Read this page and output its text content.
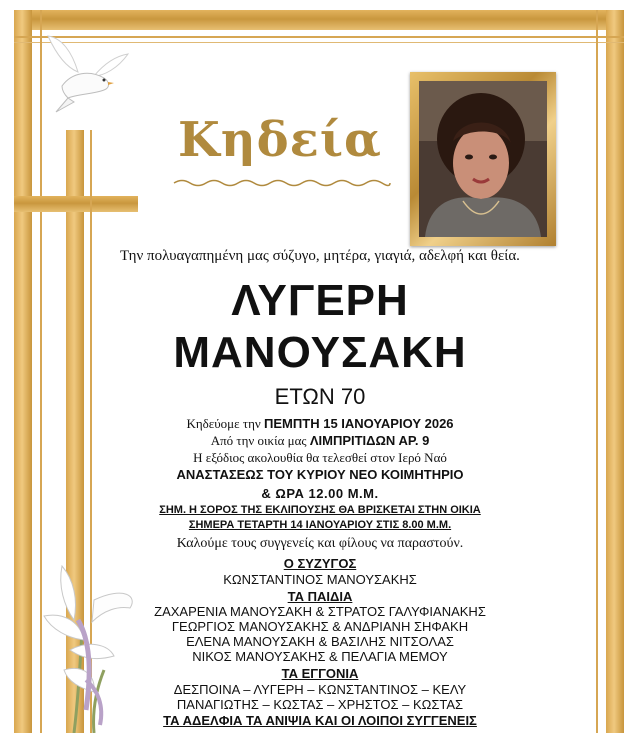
Κηδεία
Την πολυαγαπημένη μας σύζυγο, μητέρα, γιαγιά, αδελφή και θεία.
ΛΥΓΕΡΗ
ΜΑΝΟΥΣΑΚΗ
ΕΤΩΝ 70
Κηδεύομε την ΠΕΜΠΤΗ 15 ΙΑΝΟΥΑΡΙΟΥ 2026
Από την οικία μας ΛΙΜΠΡΙΤΙΔΩΝ ΑΡ. 9
Η εξόδιος ακολουθία θα τελεσθεί στον Ιερό Ναό
ΑΝΑΣΤΑΣΕΩΣ ΤΟΥ ΚΥΡΙΟΥ ΝΕΟ ΚΟΙΜΗΤΗΡΙΟ
& ΩΡΑ 12.00 Μ.Μ.
ΣΗΜ. Η ΣΟΡΟΣ ΤΗΣ ΕΚΛΙΠΟΥΣΗΣ ΘΑ ΒΡΙΣΚΕΤΑΙ ΣΤΗΝ ΟΙΚΙΑ
ΣΗΜΕΡΑ ΤΕΤΑΡΤΗ 14 ΙΑΝΟΥΑΡΙΟΥ ΣΤΙΣ 8.00 Μ.Μ.
Καλούμε τους συγγενείς και φίλους να παραστούν.
Ο ΣΥΖΥΓΟΣ
ΚΩΝΣΤΑΝΤΙΝΟΣ ΜΑΝΟΥΣΑΚΗΣ
ΤΑ ΠΑΙΔΙΑ
ΖΑΧΑΡΕΝΙΑ ΜΑΝΟΥΣΑΚΗ & ΣΤΡΑΤΟΣ ΓΑΛΥΦΙΑΝΑΚΗΣ
ΓΕΩΡΓΙΟΣ ΜΑΝΟΥΣΑΚΗΣ & ΑΝΔΡΙΑΝΗ ΣΗΦΑΚΗ
ΕΛΕΝΑ ΜΑΝΟΥΣΑΚΗ & ΒΑΣΙΛΗΣ ΝΙΤΣΟΛΑΣ
ΝΙΚΟΣ ΜΑΝΟΥΣΑΚΗΣ & ΠΕΛΑΓΙΑ ΜΕΜΟΥ
ΤΑ ΕΓΓΟΝΙΑ
ΔΕΣΠΟΙΝΑ – ΛΥΓΕΡΗ – ΚΩΝΣΤΑΝΤΙΝΟΣ – ΚΕΛΥ
ΠΑΝΑΓΙΩΤΗΣ – ΚΩΣΤΑΣ – ΧΡΗΣΤΟΣ – ΚΩΣΤΑΣ
ΤΑ ΑΔΕΛΦΙΑ ΤΑ ΑΝΙΨΙΑ ΚΑΙ ΟΙ ΛΟΙΠΟΙ ΣΥΓΓΕΝΕΙΣ
